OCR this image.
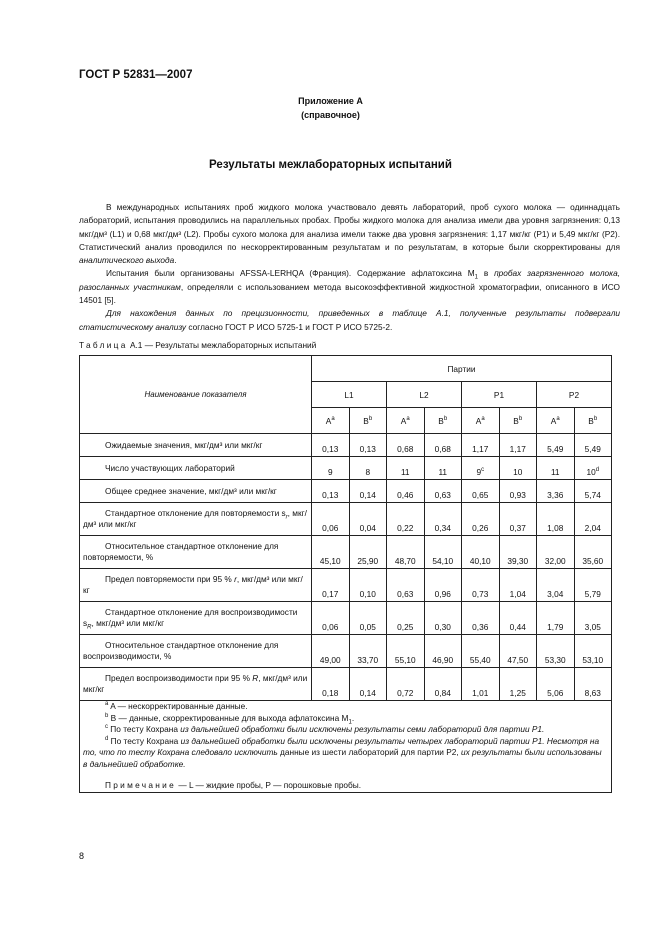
ГОСТ Р 52831—2007
Приложение А
(справочное)
Результаты межлабораторных испытаний

В международных испытаниях проб жидкого молока участвовало девять лабораторий, проб сухого молока — одиннадцать лабораторий, испытания проводились на параллельных пробах. Пробы жидкого молока для анализа имели два уровня загрязнения: 0,13 мкг/дм³ (L1) и 0,68 мкг/дм³ (L2). Пробы сухого молока для анализа имели также два уровня загрязнения: 1,17 мкг/кг (P1) и 5,49 мкг/кг (P2). Статистический анализ проводился по нескорректированным результатам и по результатам, в которые были скорректированы для аналитического выхода.

Испытания были организованы AFSSA-LERHQA (Франция). Содержание афлатоксина $M_1$ в пробах загрязненного молока, разосланных участникам, определяли с использованием метода высокоэффективной жидкостной хроматографии, описанного в ИСО 14501 [5].

Для нахождения данных по прецизионности, приведенных в таблице А.1, полученные результаты подвергали статистическому анализу согласно ГОСТ Р ИСО 5725-1 и ГОСТ Р ИСО 5725-2.

Таблица А.1 — Результаты межлабораторных испытаний
Наименование показателя	Партии							
	L1		L2		P1		P2	
	$A^a$	$B^b$	$A^a$	$B^b$	$A^a$	$B^b$	$A^a$	$B^b$
Ожидаемые значения, мкг/дм³ или мкг/кг	0,13	0,13	0,68	0,68	1,17	1,17	5,49	5,49
Число участвующих лабораторий	9	8	11	11	9$^c$	10	11	10$^d$
Общее среднее значение, мкг/дм³ или мкг/кг	0,13	0,14	0,46	0,63	0,65	0,93	3,36	5,74
Стандартное отклонение для повторяемости $s_r$, мкг/дм³ или мкг/кг	0,06	0,04	0,22	0,34	0,26	0,37	1,08	2,04
Относительное стандартное отклонение для повторяемости, %	45,10	25,90	48,70	54,10	40,10	39,30	32,00	35,60
Предел повторяемости при 95 % r, мкг/дм³ или мкг/кг	0,17	0,10	0,63	0,96	0,73	1,04	3,04	5,79
Стандартное отклонение для воспроизводимости $s_R$, мкг/дм³ или мкг/кг	0,06	0,05	0,25	0,30	0,36	0,44	1,79	3,05
Относительное стандартное отклонение для воспроизводимости, %	49,00	33,70	55,10	46,90	55,40	47,50	53,30	53,10
Предел воспроизводимости при 95 % R, мкг/дм³ или мкг/кг	0,18	0,14	0,72	0,84	1,01	1,25	5,06	8,63

$^a$ A — нескорректированные данные.
$^b$ B — данные, скорректированные для выхода афлатоксина $M_1$.
$^c$ По тесту Кохрана из дальнейшей обработки были исключены результаты семи лабораторий для партии P1.
$^d$ По тесту Кохрана из дальнейшей обработки были исключены результаты четырех лабораторий партии P1. Несмотря на то, что по тесту Кохрана следовало исключить данные из шести лабораторий для партии P2, их результаты были использованы в дальнейшей обработке.
Примечание — L — жидкие пробы, P — порошковые пробы.								
8
